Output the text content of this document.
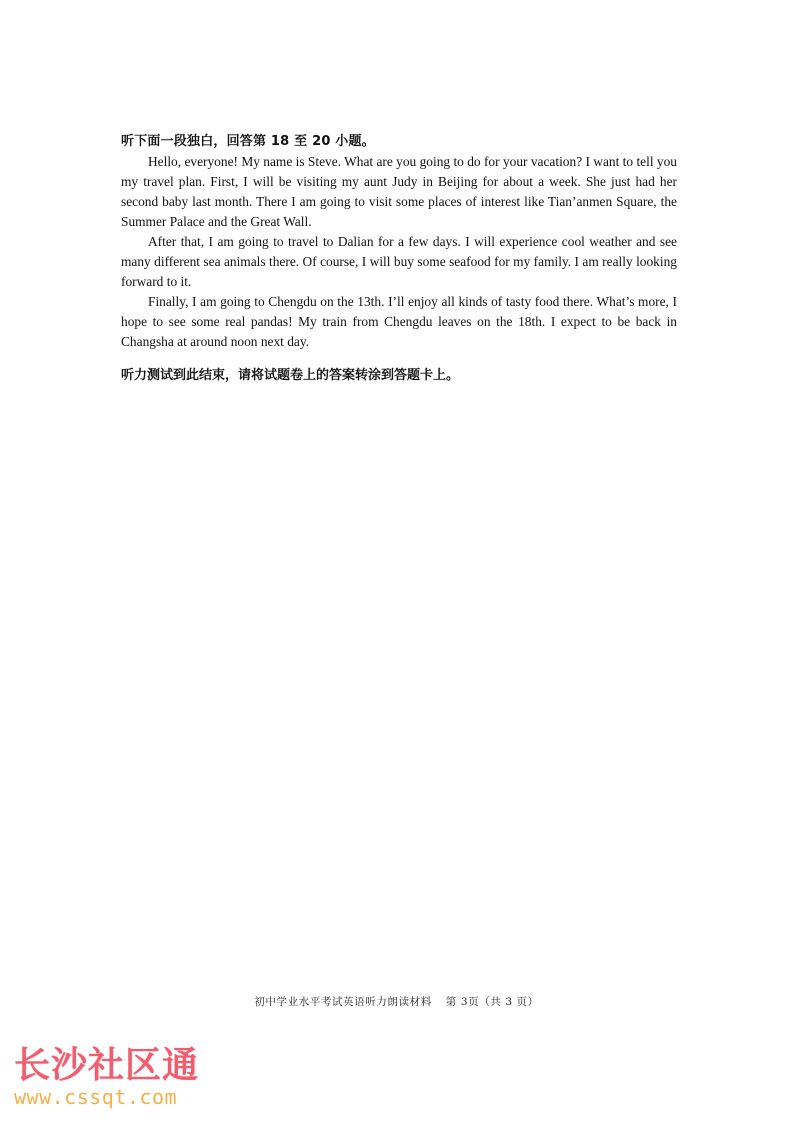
听下面一段独白，回答第 18 至 20 小题。

Hello, everyone! My name is Steve. What are you going to do for your vacation? I want to tell you my travel plan. First, I will be visiting my aunt Judy in Beijing for about a week. She just had her second baby last month. There I am going to visit some places of interest like Tian’anmen Square, the Summer Palace and the Great Wall.

After that, I am going to travel to Dalian for a few days. I will experience cool weather and see many different sea animals there. Of course, I will buy some seafood for my family. I am really looking forward to it.

Finally, I am going to Chengdu on the 13th. I’ll enjoy all kinds of tasty food there. What’s more, I hope to see some real pandas! My train from Chengdu leaves on the 18th. I expect to be back in Changsha at around noon next day.

听力测试到此结束，请将试题卷上的答案转涂到答题卡上。

初中学业水平考试英语听力朗读材料 第 3页（共 3 页）
长沙社区通
www.cssqt.com
